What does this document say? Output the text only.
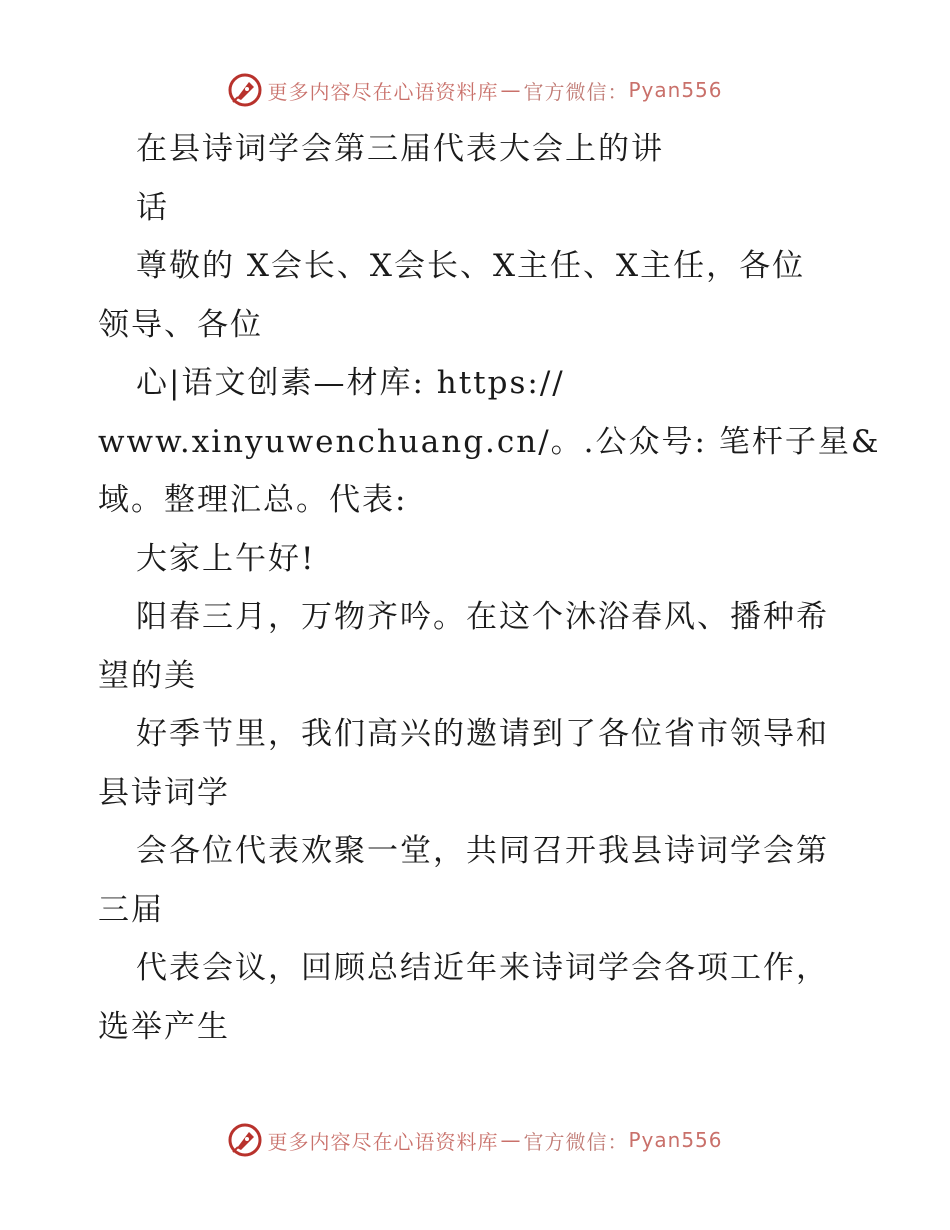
更多内容尽在心语资料库 — 官方微信： Pyan556
在县诗词学会第三届代表大会上的讲
话
尊敬的 X会长、X会长、X主任、X主任，各位
领导、各位
心|语文创素—材库: https://
www.xinyuwenchuang.cn/。.公众号: 笔杆子星&
域。整理汇总。代表:
大家上午好!
阳春三月，万物齐吟。在这个沐浴春风、播种希
望的美
好季节里，我们高兴的邀请到了各位省市领导和
县诗词学
会各位代表欢聚一堂，共同召开我县诗词学会第
三届
代表会议，回顾总结近年来诗词学会各项工作，
选举产生
更多内容尽在心语资料库 — 官方微信： Pyan556
